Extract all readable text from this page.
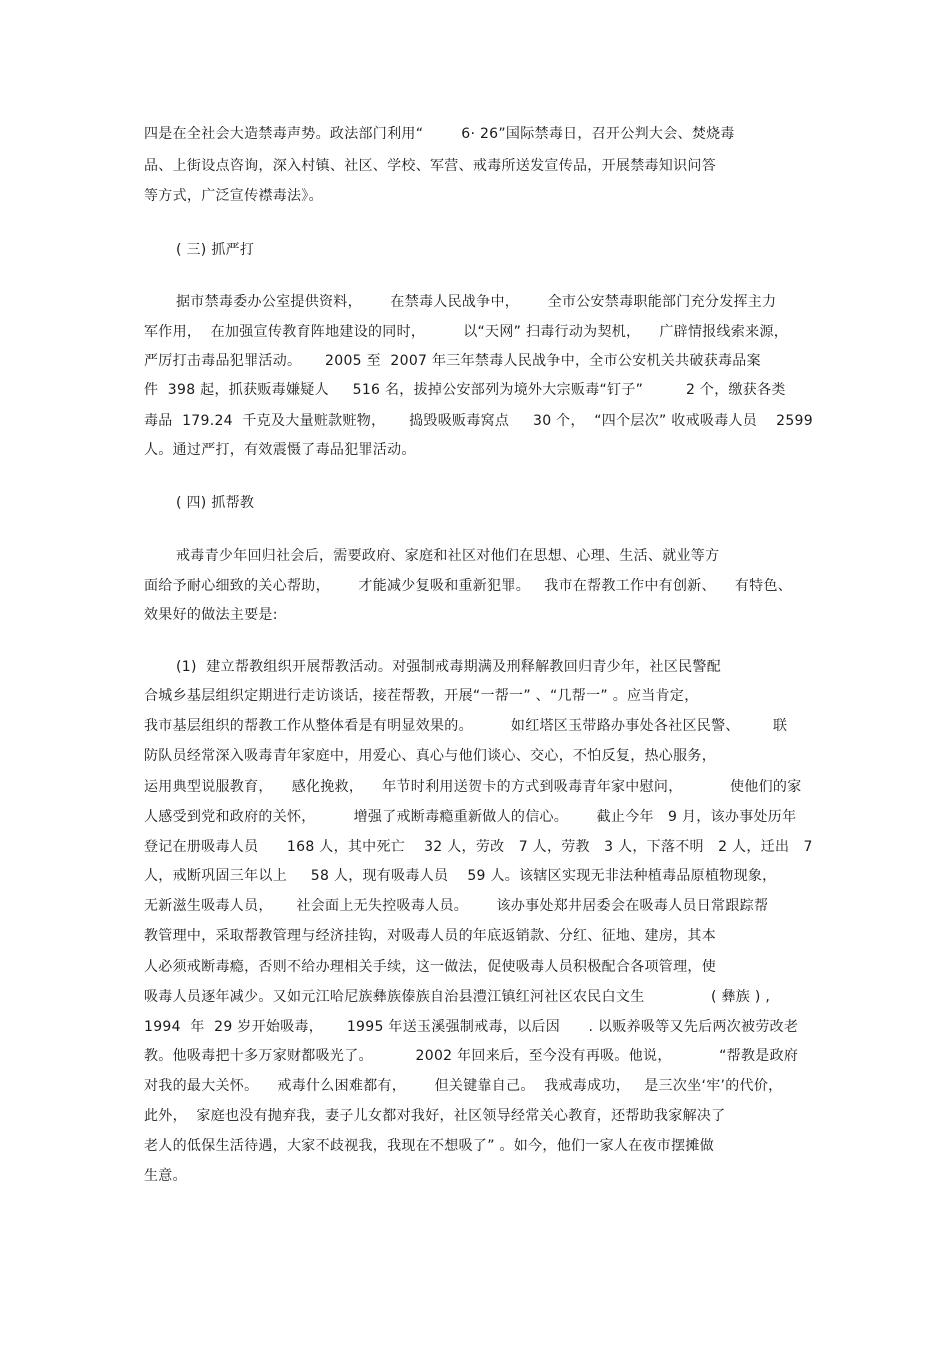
四是在全社会大造禁毒声势。政法部门利用“        6· 26”国际禁毒日，召开公判大会、焚烧毒
品、上街设点咨询，深入村镇、社区、学校、军营、戒毒所送发宣传品，开展禁毒知识问答
等方式，广泛宣传襟毒法》。
( 三) 抓严打
据市禁毒委办公室提供资料，      在禁毒人民战争中，      全市公安禁毒职能部门充分发挥主力
军作用，  在加强宣传教育阵地建设的同时，        以“天网” 扫毒行动为契机，    广辟情报线索来源，
严厉打击毒品犯罪活动。     2005 至  2007 年三年禁毒人民战争中，全市公安机关共破获毒品案
件  398 起，抓获贩毒嫌疑人     516 名，拔掉公安部列为境外大宗贩毒“钉子”         2 个，缴获各类
毒品  179.24  千克及大量赃款赃物，     捣毁吸贩毒窝点     30 个，  “四个层次” 收戒吸毒人员    2599
人。通过严打，有效震慑了毒品犯罪活动。
( 四) 抓帮教
戒毒青少年回归社会后，需要政府、家庭和社区对他们在思想、心理、生活、就业等方
面给予耐心细致的关心帮助，      才能减少复吸和重新犯罪。   我市在帮教工作中有创新、    有特色、
效果好的做法主要是:
(1)  建立帮教组织开展帮教活动。对强制戒毒期满及刑释解教回归青少年，社区民警配
合城乡基层组织定期进行走访谈话，接茬帮教，开展“一帮一” 、“几帮一” 。应当肯定，
我市基层组织的帮教工作从整体看是有明显效果的。        如红塔区玉带路办事处各社区民警、       联
防队员经常深入吸毒青年家庭中，用爱心、真心与他们谈心、交心，不怕反复，热心服务，
运用典型说服教育，    感化挽救，    年节时利用送贺卡的方式到吸毒青年家中慰问，          使他们的家
人感受到党和政府的关怀，        增强了戒断毒瘾重新做人的信心。      截止今年   9 月，该办事处历年
登记在册吸毒人员      168 人，其中死亡    32 人，劳改   7 人，劳教   3 人，下落不明   2 人，迁出   7
人，戒断巩固三年以上     58 人，现有吸毒人员    59 人。该辖区实现无非法种植毒品原植物现象，
无新滋生吸毒人员，     社会面上无失控吸毒人员。      该办事处郑井居委会在吸毒人员日常跟踪帮
教管理中，采取帮教管理与经济挂钩，对吸毒人员的年底返销款、分红、征地、建房，其本
人必须戒断毒瘾，否则不给办理相关手续，这一做法，促使吸毒人员积极配合各项管理，使
吸毒人员逐年减少。又如元江哈尼族彝族傣族自治县澧江镇红河社区农民白文生              ( 彝族 ) ,
1994  年  29 岁开始吸毒，     1995 年送玉溪强制戒毒，以后因      . 以贩养吸等又先后两次被劳改老
教。他吸毒把十多万家财都吸光了。         2002 年回来后，至今没有再吸。他说，          “帮教是政府
对我的最大关怀。    戒毒什么困难都有，      但关键靠自己。  我戒毒成功，   是三次坐‘牢’的代价，
此外，  家庭也没有抛弃我，妻子儿女都对我好，社区领导经常关心教育，还帮助我家解决了
老人的低保生活待遇，大家不歧视我，我现在不想吸了” 。如今，他们一家人在夜市摆摊做
生意。
